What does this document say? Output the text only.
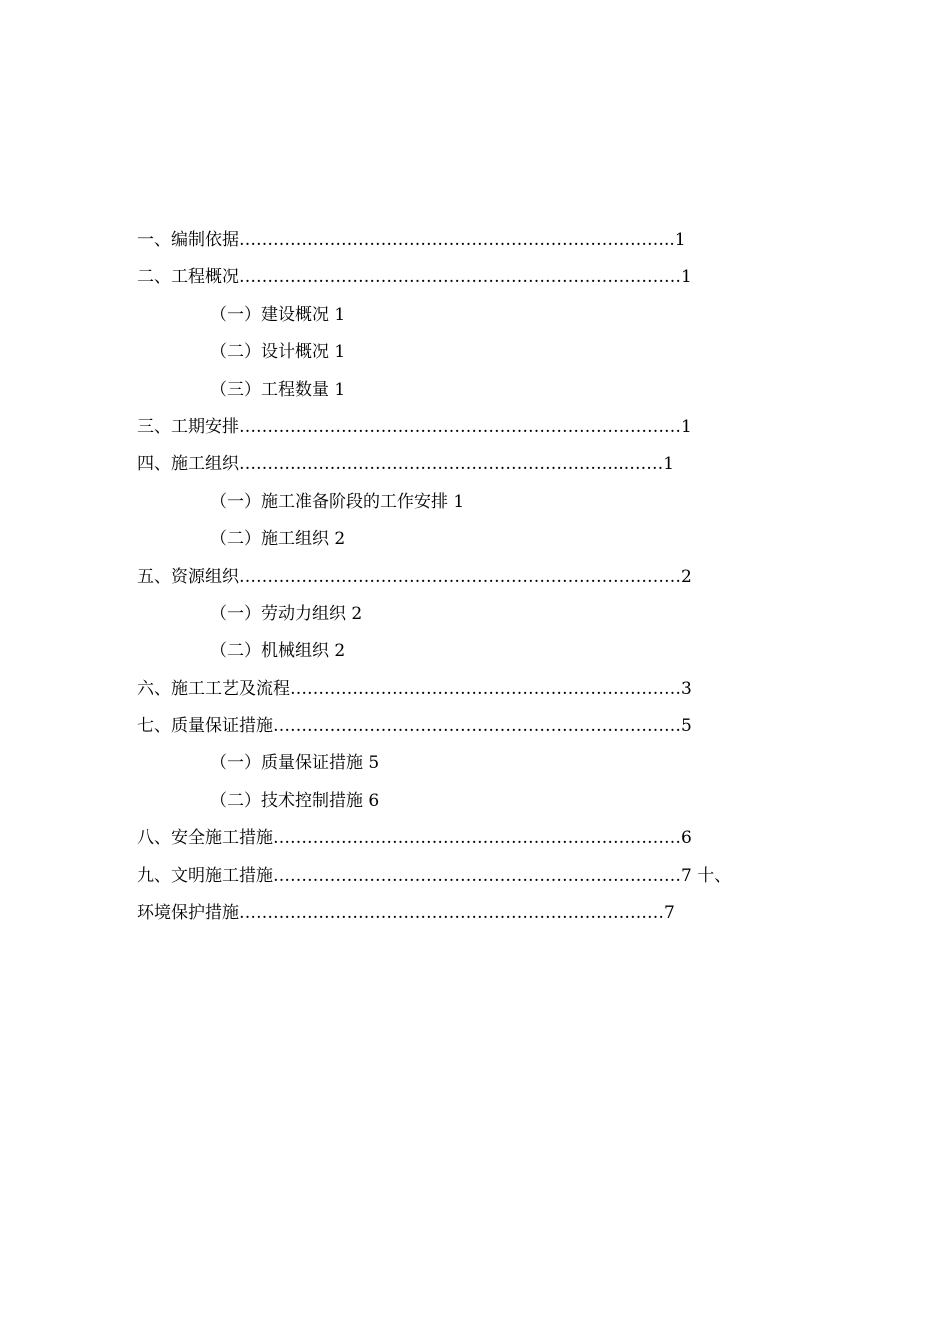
一、编制依据…………………………………………………………………..1
二、工程概况……………………………………………………………………1
（一）建设概况 1
（二）设计概况 1
（三）工程数量 1
三、工期安排……………………………………………………………………1
四、施工组织…………………………………………………………...……1
（一）施工准备阶段的工作安排 1
（二）施工组织 2
五、资源组织……………………………………………………………………2
（一）劳动力组织 2
（二）机械组织 2
六、施工工艺及流程……………………………………………………………3
七、质量保证措施………………………………………………………………5
（一）质量保证措施 5
（二）技术控制措施 6
八、安全施工措施………………………………………………………………6
九、文明施工措施………………………………………………………………7 十、
环境保护措施…………………………………………………………………7
